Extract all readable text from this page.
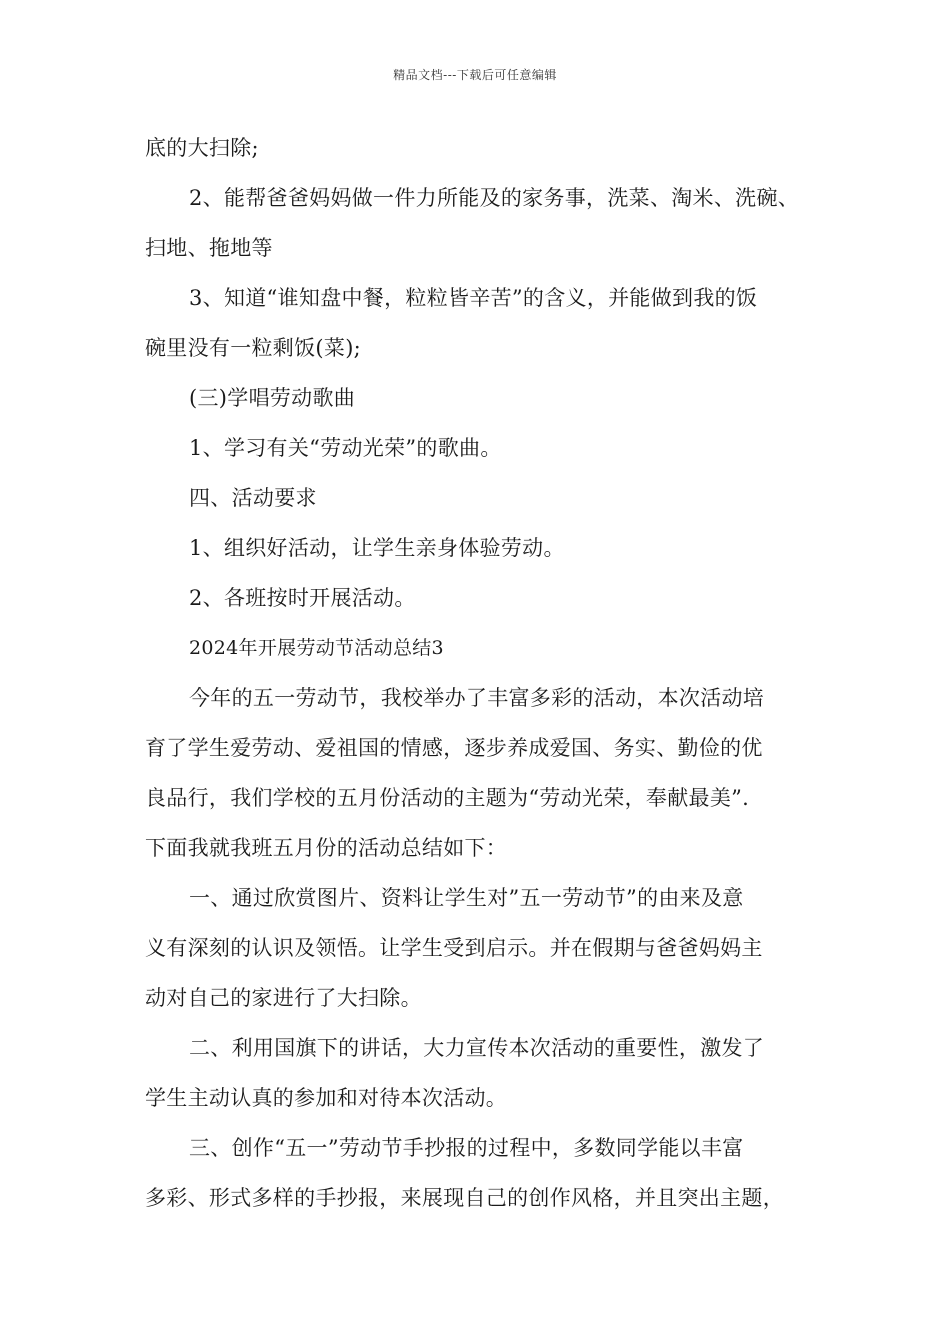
精品文档---下载后可任意编辑
底的大扫除;
2、能帮爸爸妈妈做一件力所能及的家务事，洗菜、淘米、洗碗、
扫地、拖地等
3、知道“谁知盘中餐，粒粒皆辛苦”的含义，并能做到我的饭
碗里没有一粒剩饭(菜);
(三)学唱劳动歌曲
1、学习有关“劳动光荣”的歌曲。
四、活动要求
1、组织好活动，让学生亲身体验劳动。
2、各班按时开展活动。
2024年开展劳动节活动总结3
今年的五一劳动节，我校举办了丰富多彩的活动，本次活动培
育了学生爱劳动、爱祖国的情感，逐步养成爱国、务实、勤俭的优
良品行，我们学校的五月份活动的主题为“劳动光荣，奉献最美”.
下面我就我班五月份的活动总结如下：
一、通过欣赏图片、资料让学生对”五一劳动节”的由来及意
义有深刻的认识及领悟。让学生受到启示。并在假期与爸爸妈妈主
动对自己的家进行了大扫除。
二、利用国旗下的讲话，大力宣传本次活动的重要性，激发了
学生主动认真的参加和对待本次活动。
三、创作“五一”劳动节手抄报的过程中，多数同学能以丰富
多彩、形式多样的手抄报，来展现自己的创作风格，并且突出主题，
